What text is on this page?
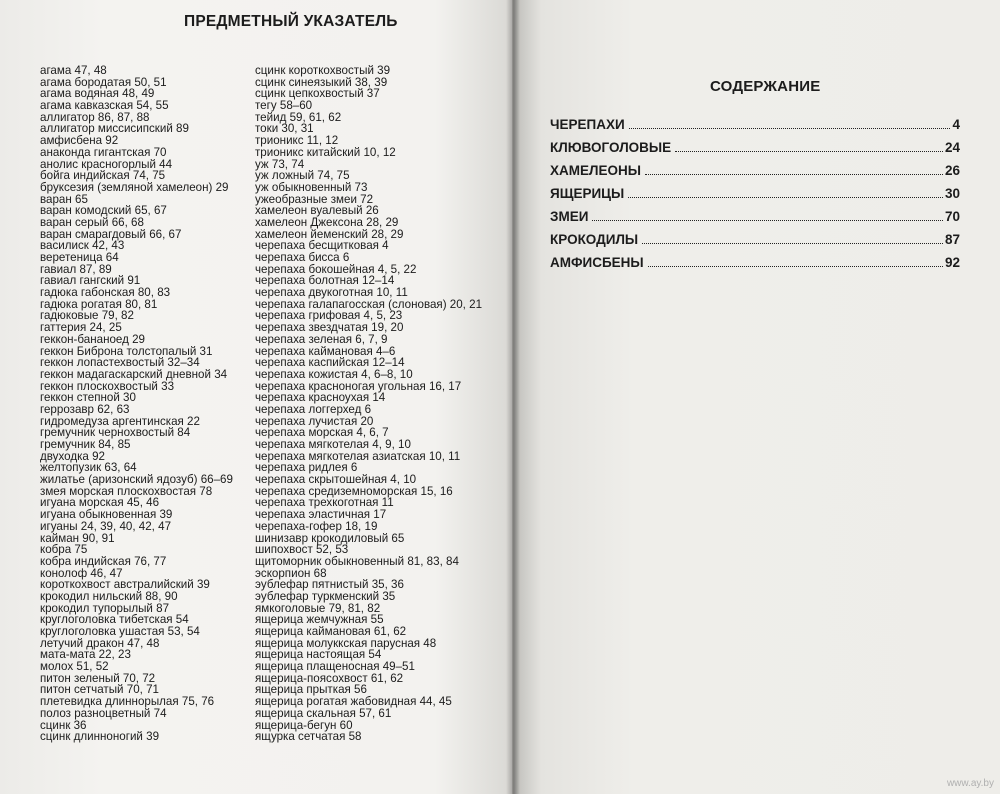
ПРЕДМЕТНЫЙ УКАЗАТЕЛЬ
агама 47, 48
агама бородатая 50, 51
агама водяная 48, 49
агама кавказская 54, 55
аллигатор 86, 87, 88
аллигатор миссисипский 89
амфисбена 92
анаконда гигантская 70
анолис красногорлый 44
бойга индийская 74, 75
бруксезия (земляной хамелеон) 29
варан 65
варан комодский 65, 67
варан серый 66, 68
варан смарагдовый 66, 67
василиск 42, 43
веретеница 64
гавиал 87, 89
гавиал гангский 91
гадюка габонская 80, 83
гадюка рогатая 80, 81
гадюковые 79, 82
гаттерия 24, 25
геккон-бананоед 29
геккон Биброна толстопалый 31
геккон лопастехвостый 32–34
геккон мадагаскарский дневной 34
геккон плоскохвостый 33
геккон степной 30
геррозавр 62, 63
гидромедуза аргентинская 22
гремучник чернохвостый 84
гремучник 84, 85
двуходка 92
желтопузик 63, 64
жилатье (аризонский ядозуб) 66–69
змея морская плоскохвостая 78
игуана морская 45, 46
игуана обыкновенная 39
игуаны 24, 39, 40, 42, 47
кайман 90, 91
кобра 75
кобра индийская 76, 77
конолоф 46, 47
короткохвост австралийский 39
крокодил нильский 88, 90
крокодил тупорылый 87
круглоголовка тибетская 54
круглоголовка ушастая 53, 54
летучий дракон 47, 48
мата-мата 22, 23
молох 51, 52
питон зеленый 70, 72
питон сетчатый 70, 71
плетевидка длиннорылая 75, 76
полоз разноцветный 74
сцинк 36
сцинк длинноногий 39
сцинк короткохвостый 39
сцинк синеязыкий 38, 39
сцинк цепкохвостый 37
тегу 58–60
тейид 59, 61, 62
токи 30, 31
трионикс 11, 12
трионикс китайский 10, 12
уж 73, 74
уж ложный 74, 75
уж обыкновенный 73
ужеобразные змеи 72
хамелеон вуалевый 26
хамелеон Джексона 28, 29
хамелеон йеменский 28, 29
черепаха бесщитковая 4
черепаха бисса 6
черепаха бокошейная 4, 5, 22
черепаха болотная 12–14
черепаха двукоготная 10, 11
черепаха галапагосская (слоновая) 20, 21
черепаха грифовая 4, 5, 23
черепаха звездчатая 19, 20
черепаха зеленая 6, 7, 9
черепаха каймановая 4–6
черепаха каспийская 12–14
черепаха кожистая 4, 6–8, 10
черепаха красноногая угольная 16, 17
черепаха красноухая 14
черепаха логгерхед 6
черепаха лучистая 20
черепаха морская 4, 6, 7
черепаха мягкотелая 4, 9, 10
черепаха мягкотелая азиатская 10, 11
черепаха ридлея 6
черепаха скрытошейная 4, 10
черепаха средиземноморская 15, 16
черепаха трехкоготная 11
черепаха эластичная 17
черепаха-гофер 18, 19
шинизавр крокодиловый 65
шипохвост 52, 53
щитоморник обыкновенный 81, 83, 84
эскорпион 68
эублефар пятнистый 35, 36
эублефар туркменский 35
ямкоголовые 79, 81, 82
ящерица жемчужная 55
ящерица каймановая 61, 62
ящерица молуккская парусная 48
ящерица настоящая 54
ящерица плащеносная 49–51
ящерица-поясохвост 61, 62
ящерица прыткая 56
ящерица рогатая жабовидная 44, 45
ящерица скальная 57, 61
ящерица-бегун 60
ящурка сетчатая 58
СОДЕРЖАНИЕ
ЧЕРЕПАХИ	4
КЛЮВОГОЛОВЫЕ	24
ХАМЕЛЕОНЫ	26
ЯЩЕРИЦЫ	30
ЗМЕИ	70
КРОКОДИЛЫ	87
АМФИСБЕНЫ	92
www.ay.by
